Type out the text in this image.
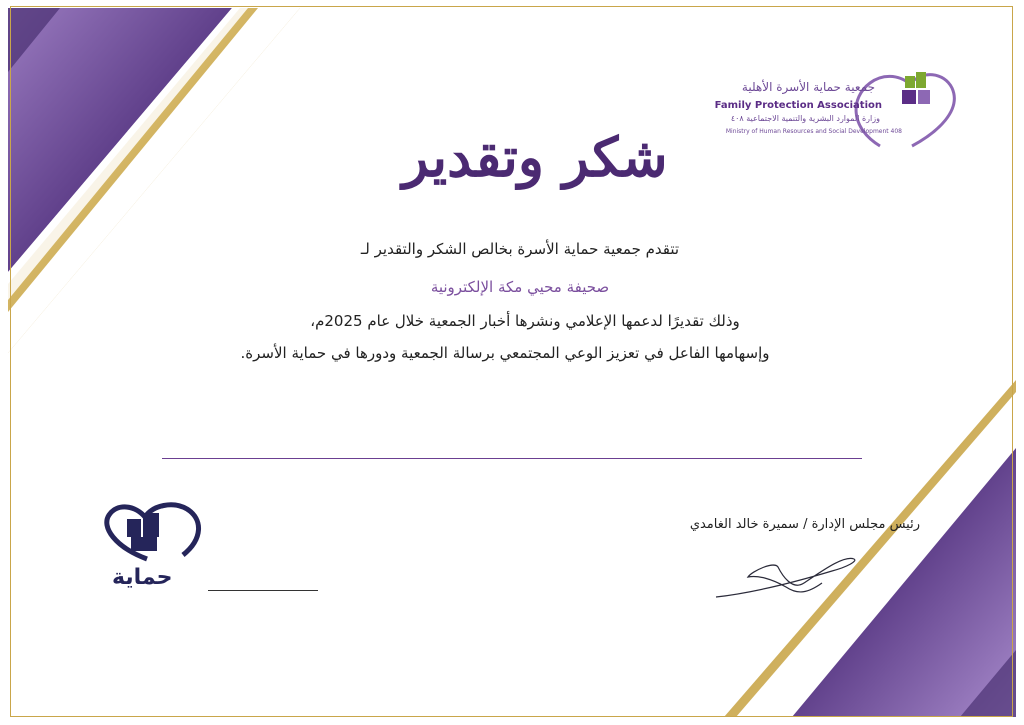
شكر وتقدير
جمعية حماية الأسرة الأهلية
Family Protection Association
وزارة الموارد البشرية والتنمية الاجتماعية ٤٠٨
Ministry of Human Resources and Social Development 408
تتقدم جمعية حماية الأسرة بخالص الشكر والتقدير لـ
صحيفة محيي مكة الإلكترونية
وذلك تقديرًا لدعمها الإعلامي ونشرها أخبار الجمعية خلال عام 2025م،
وإسهامها الفاعل في تعزيز الوعي المجتمعي برسالة الجمعية ودورها في حماية الأسرة.
رئيس مجلس الإدارة / سميرة خالد الغامدي
حماية
